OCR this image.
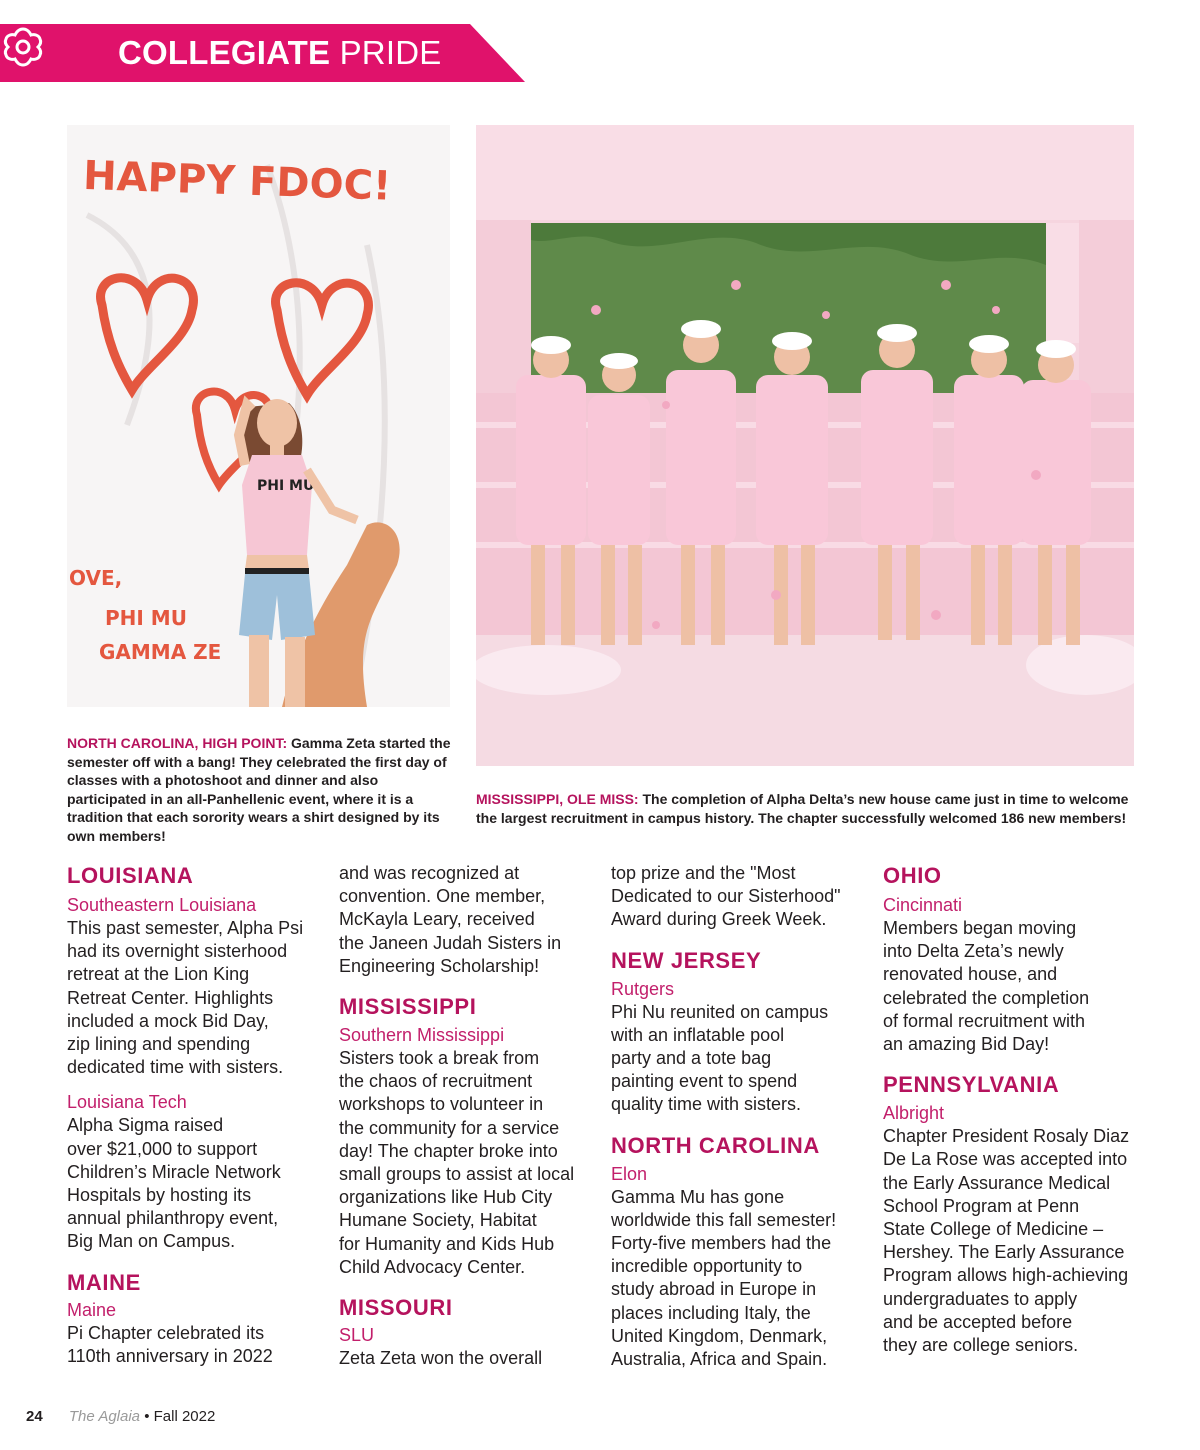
COLLEGIATE PRIDE
HAPPY FDOC!
OVE,
PHI MU
GAMMA ZE
PHI MU

NORTH CAROLINA, HIGH POINT: Gamma Zeta started the semester off with a bang! They celebrated the first day of classes with a photoshoot and dinner and also participated in an all-Panhellenic event, where it is a tradition that each sorority wears a shirt designed by its own members!

MISSISSIPPI, OLE MISS: The completion of Alpha Delta’s new house came just in time to welcome the largest recruitment in campus history. The chapter successfully welcomed 186 new members!

LOUISIANA

Southeastern Louisiana

This past semester, Alpha Psi
had its overnight sisterhood
retreat at the Lion King
Retreat Center. Highlights
included a mock Bid Day,
zip lining and spending
dedicated time with sisters.

Louisiana Tech

Alpha Sigma raised
over $21,000 to support
Children’s Miracle Network
Hospitals by hosting its
annual philanthropy event,
Big Man on Campus.

MAINE

Maine

Pi Chapter celebrated its
110th anniversary in 2022
and was recognized at
convention. One member,
McKayla Leary, received
the Janeen Judah Sisters in
Engineering Scholarship!

MISSISSIPPI

Southern Mississippi

Sisters took a break from
the chaos of recruitment
workshops to volunteer in
the community for a service
day! The chapter broke into
small groups to assist at local
organizations like Hub City
Humane Society, Habitat
for Humanity and Kids Hub
Child Advocacy Center.

MISSOURI

SLU

Zeta Zeta won the overall
top prize and the "Most
Dedicated to our Sisterhood"
Award during Greek Week.

NEW JERSEY

Rutgers

Phi Nu reunited on campus
with an inflatable pool
party and a tote bag
painting event to spend
quality time with sisters.

NORTH CAROLINA

Elon

Gamma Mu has gone
worldwide this fall semester!
Forty-five members had the
incredible opportunity to
study abroad in Europe in
places including Italy, the
United Kingdom, Denmark,
Australia, Africa and Spain.

OHIO

Cincinnati

Members began moving
into Delta Zeta’s newly
renovated house, and
celebrated the completion
of formal recruitment with
an amazing Bid Day!

PENNSYLVANIA

Albright

Chapter President Rosaly Diaz
De La Rose was accepted into
the Early Assurance Medical
School Program at Penn
State College of Medicine –
Hershey. The Early Assurance
Program allows high-achieving
undergraduates to apply
and be accepted before
they are college seniors.
24 The Aglaia • Fall 2022
